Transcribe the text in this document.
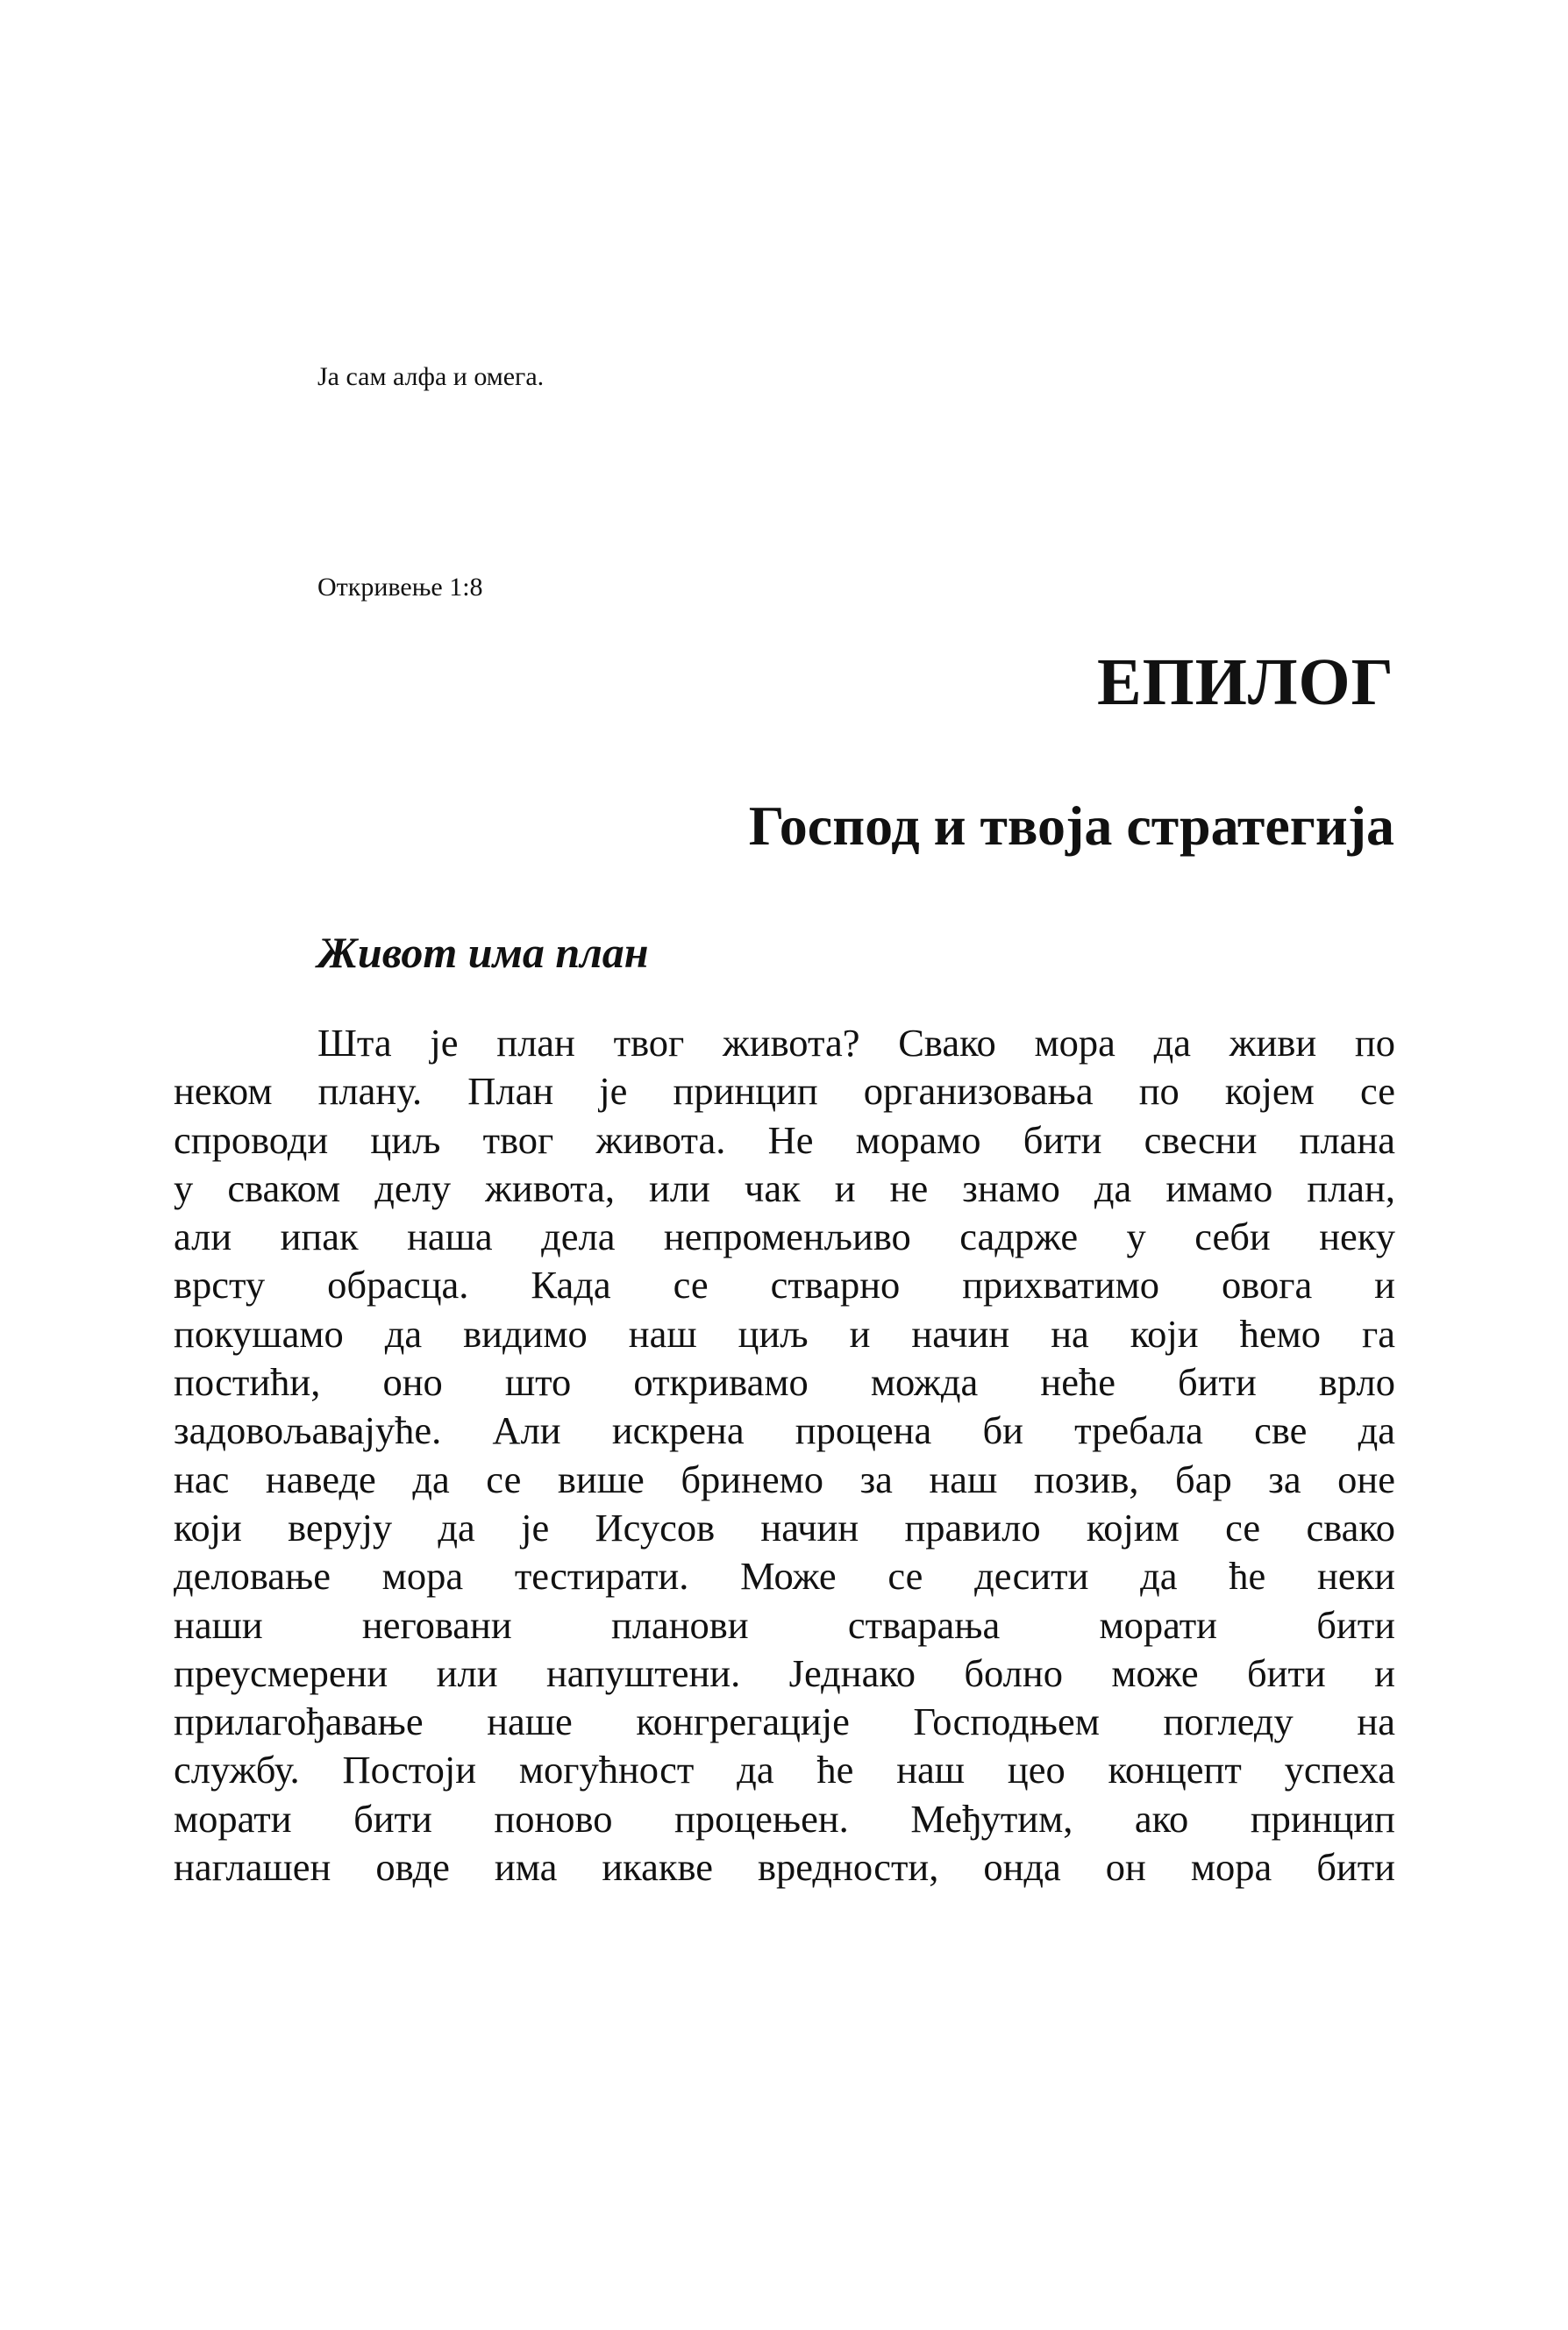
Ја сам алфа и омега.
Откривење 1:8
ЕПИЛОГ
Господ и твоја стратегија
Живот има план
Шта је план твог живота? Свако мора да живи по
неком плану. План је принцип организовања по којем се
спроводи циљ твог живота. Не морамо бити свесни плана
у сваком делу живота, или чак и не знамо да имамо план,
али ипак наша дела непроменљиво садрже у себи неку
врсту обрасца. Када се стварно прихватимо овога и
покушамо да видимо наш циљ и начин на који ћемо га
постићи, оно што откривамо можда неће бити врло
задовољавајуће. Али искрена процена би требала све да
нас наведе да се више бринемо за наш позив, бар за оне
који верују да је Исусов начин правило којим се свако
деловање мора тестирати. Може се десити да ће неки
наши неговани планови стварања морати бити
преусмерени или напуштени. Једнако болно може бити и
прилагођавање наше конгрегације Господњем погледу на
службу. Постоји могућност да ће наш цео концепт успеха
морати бити поново процењен. Међутим, ако принцип
наглашен овде има икакве вредности, онда он мора бити
